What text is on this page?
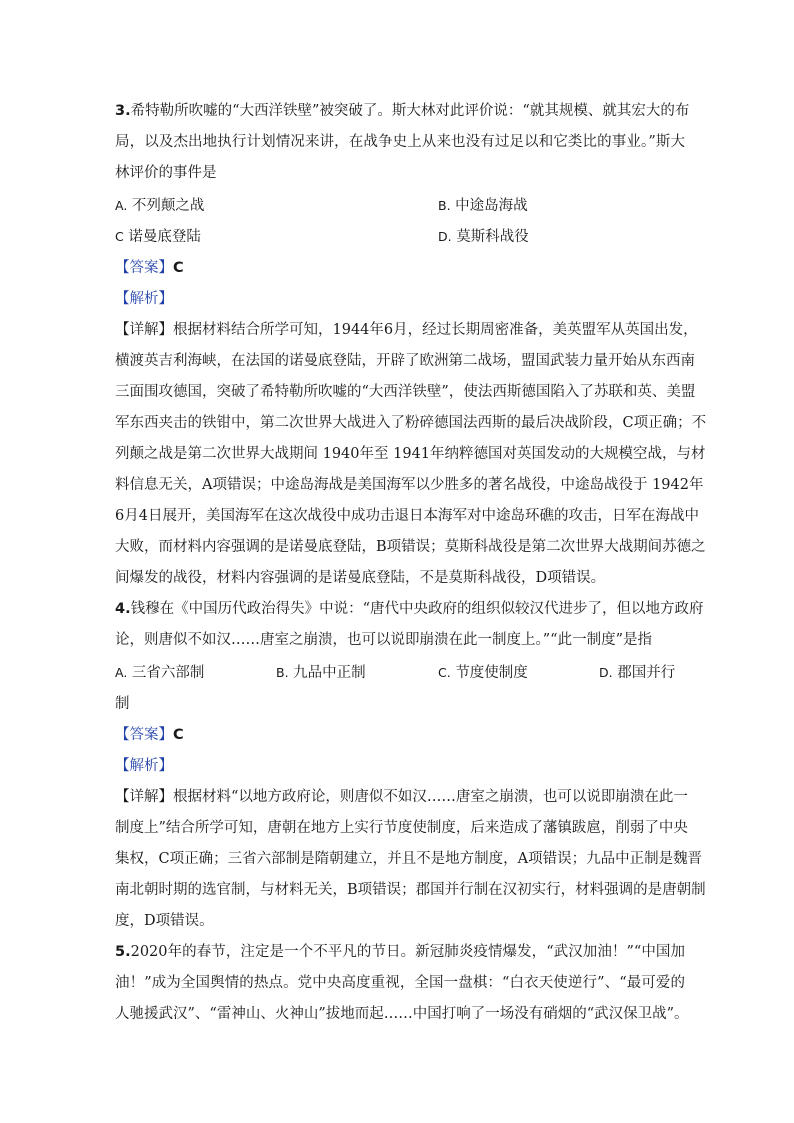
3.希特勒所吹嘘的“大西洋铁壁”被突破了。斯大林对此评价说：“就其规模、就其宏大的布
局，以及杰出地执行计划情况来讲，在战争史上从来也没有过足以和它类比的事业。”斯大
林评价的事件是
A. 不列颠之战	B. 中途岛海战
C 诺曼底登陆	D. 莫斯科战役
【答案】C
【解析】
【详解】根据材料结合所学可知，1944年6月，经过长期周密准备，美英盟军从英国出发，
横渡英吉利海峡，在法国的诺曼底登陆，开辟了欧洲第二战场，盟国武装力量开始从东西南
三面围攻德国，突破了希特勒所吹嘘的“大西洋铁壁”，使法西斯德国陷入了苏联和英、美盟
军东西夹击的铁钳中，第二次世界大战进入了粉碎德国法西斯的最后决战阶段，C项正确；不
列颠之战是第二次世界大战期间 1940年至 1941年纳粹德国对英国发动的大规模空战，与材
料信息无关，A项错误；中途岛海战是美国海军以少胜多的著名战役，中途岛战役于 1942年
6月4日展开，美国海军在这次战役中成功击退日本海军对中途岛环礁的攻击，日军在海战中
大败，而材料内容强调的是诺曼底登陆，B项错误；莫斯科战役是第二次世界大战期间苏德之
间爆发的战役，材料内容强调的是诺曼底登陆，不是莫斯科战役，D项错误。
4.钱穆在《中国历代政治得失》中说：“唐代中央政府的组织似较汉代进步了，但以地方政府
论，则唐似不如汉……唐室之崩溃，也可以说即崩溃在此一制度上。”“此一制度”是指
A. 三省六部制	B. 九品中正制	C. 节度使制度	D. 郡国并行
制
【答案】C
【解析】
【详解】根据材料“以地方政府论，则唐似不如汉……唐室之崩溃，也可以说即崩溃在此一
制度上”结合所学可知，唐朝在地方上实行节度使制度，后来造成了藩镇跋扈，削弱了中央
集权，C项正确；三省六部制是隋朝建立，并且不是地方制度，A项错误；九品中正制是魏晋
南北朝时期的选官制，与材料无关，B项错误；郡国并行制在汉初实行，材料强调的是唐朝制
度，D项错误。
5.2020年的春节，注定是一个不平凡的节日。新冠肺炎疫情爆发，“武汉加油！”“中国加
油！”成为全国舆情的热点。党中央高度重视，全国一盘棋：“白衣天使逆行”、“最可爱的
人驰援武汉”、“雷神山、火神山”拔地而起……中国打响了一场没有硝烟的“武汉保卫战”。
